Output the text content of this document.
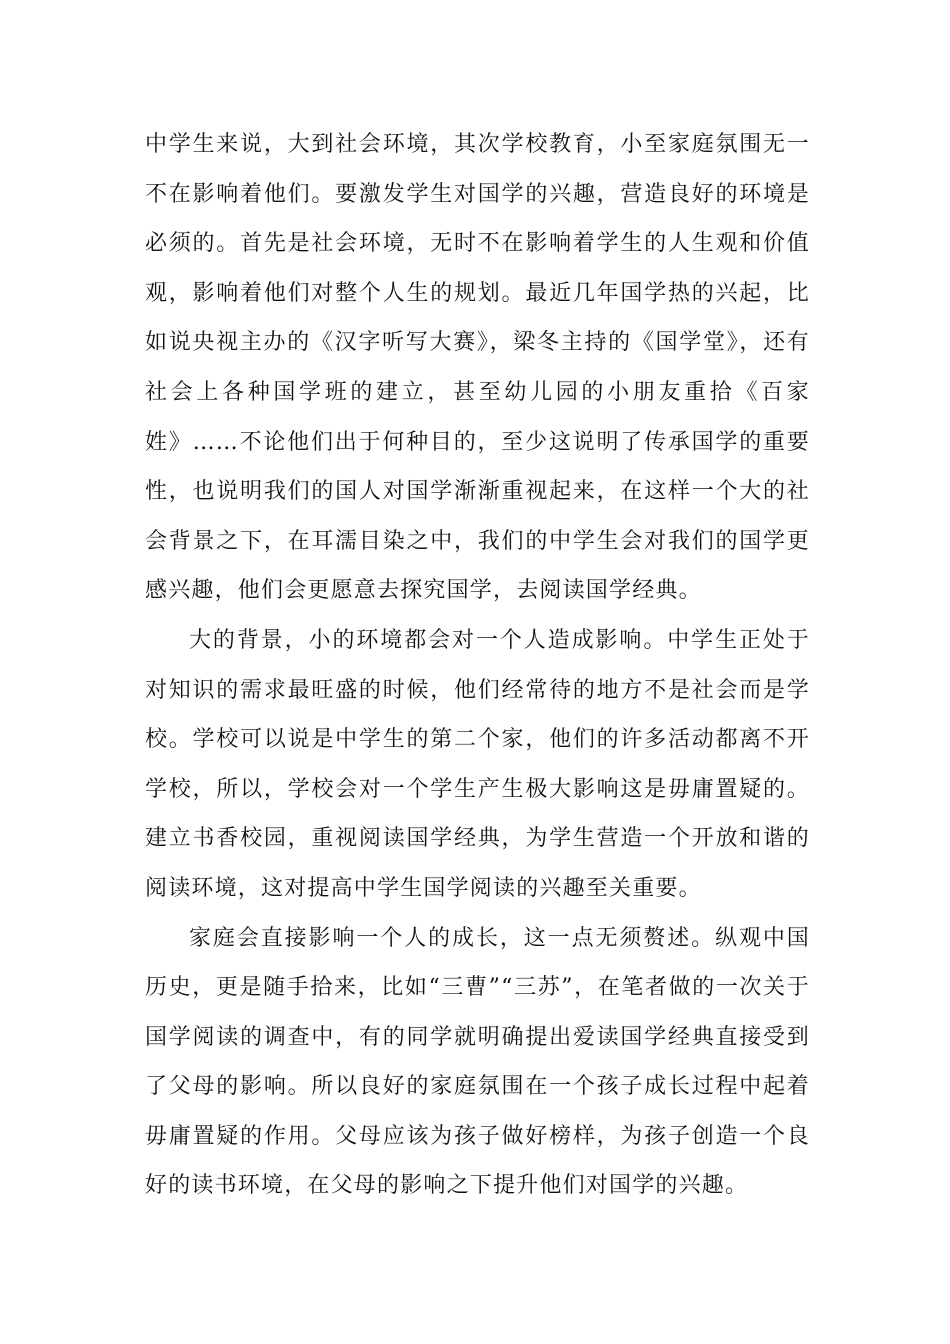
中学生来说，大到社会环境，其次学校教育，小至家庭氛围无一不在影响着他们。要激发学生对国学的兴趣，营造良好的环境是必须的。首先是社会环境，无时不在影响着学生的人生观和价值观，影响着他们对整个人生的规划。最近几年国学热的兴起，比如说央视主办的《汉字听写大赛》，梁冬主持的《国学堂》，还有社会上各种国学班的建立，甚至幼儿园的小朋友重拾《百家姓》……不论他们出于何种目的，至少这说明了传承国学的重要性，也说明我们的国人对国学渐渐重视起来，在这样一个大的社会背景之下，在耳濡目染之中，我们的中学生会对我们的国学更感兴趣，他们会更愿意去探究国学，去阅读国学经典。

大的背景，小的环境都会对一个人造成影响。中学生正处于对知识的需求最旺盛的时候，他们经常待的地方不是社会而是学校。学校可以说是中学生的第二个家，他们的许多活动都离不开学校，所以，学校会对一个学生产生极大影响这是毋庸置疑的。建立书香校园，重视阅读国学经典，为学生营造一个开放和谐的阅读环境，这对提高中学生国学阅读的兴趣至关重要。

家庭会直接影响一个人的成长，这一点无须赘述。纵观中国历史，更是随手拾来，比如“三曹”“三苏”，在笔者做的一次关于国学阅读的调查中，有的同学就明确提出爱读国学经典直接受到了父母的影响。所以良好的家庭氛围在一个孩子成长过程中起着毋庸置疑的作用。父母应该为孩子做好榜样，为孩子创造一个良好的读书环境，在父母的影响之下提升他们对国学的兴趣。
